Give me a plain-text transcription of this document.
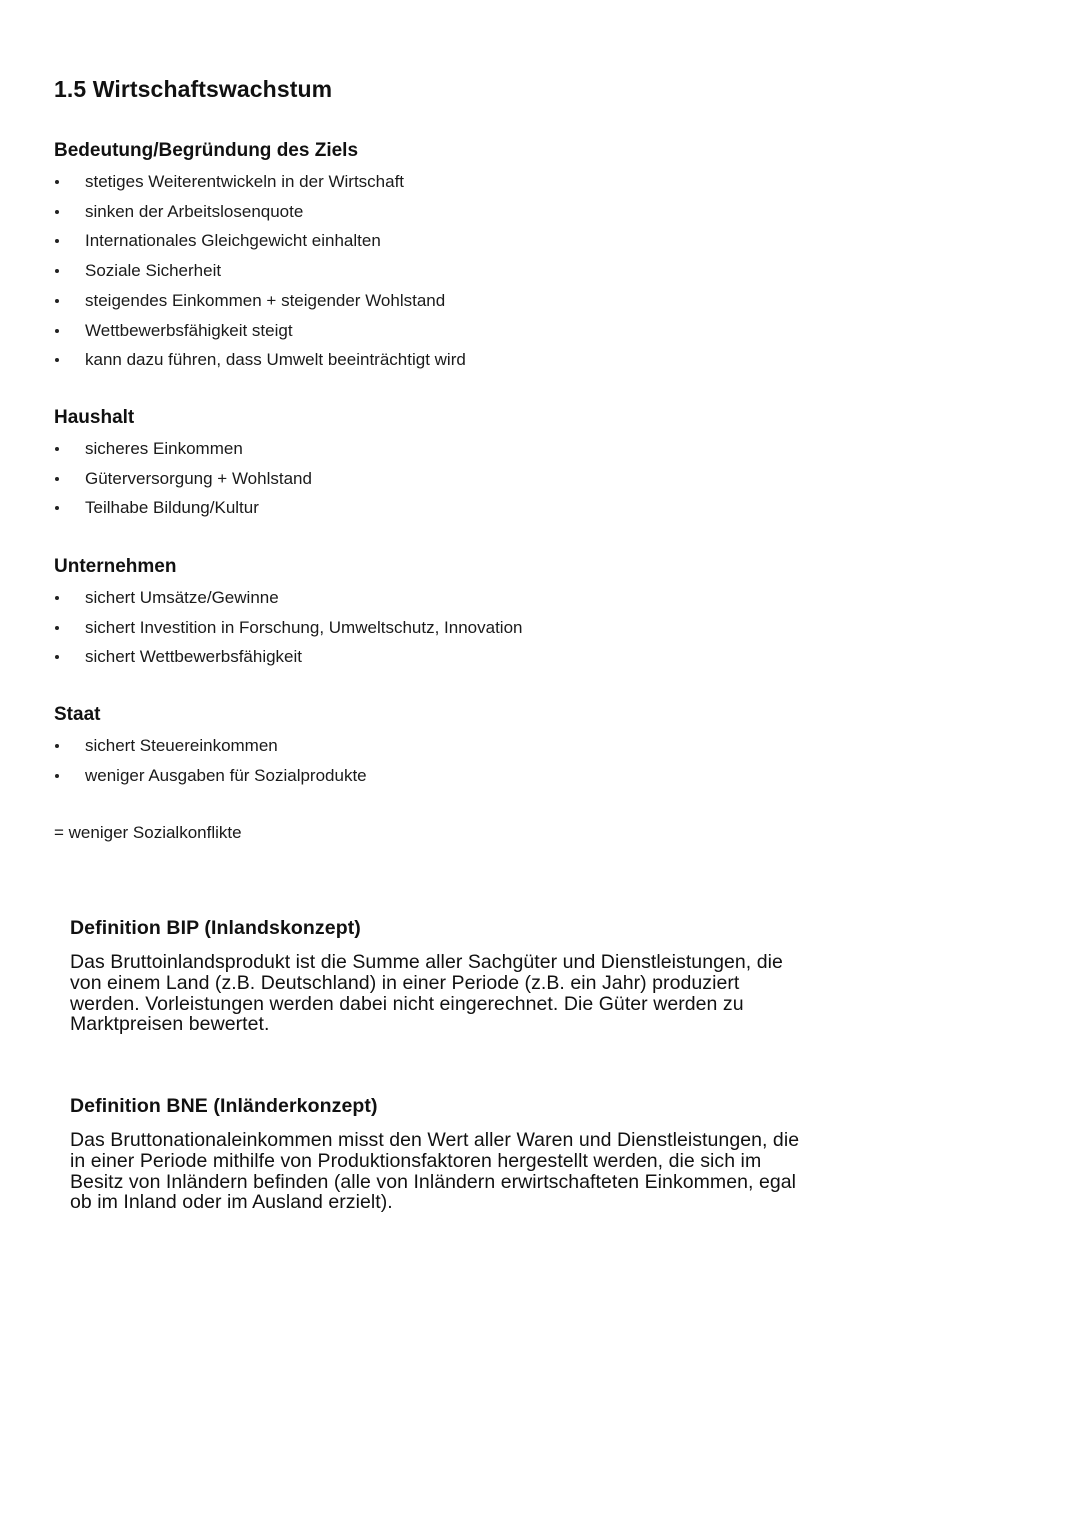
1.5 Wirtschaftswachstum
Bedeutung/Begründung des Ziels
stetiges Weiterentwickeln in der Wirtschaft
sinken der Arbeitslosenquote
Internationales Gleichgewicht einhalten
Soziale Sicherheit
steigendes Einkommen + steigender Wohlstand
Wettbewerbsfähigkeit steigt
kann dazu führen, dass Umwelt beeinträchtigt wird
Haushalt
sicheres Einkommen
Güterversorgung + Wohlstand
Teilhabe Bildung/Kultur
Unternehmen
sichert Umsätze/Gewinne
sichert Investition in Forschung, Umweltschutz, Innovation
sichert Wettbewerbsfähigkeit
Staat
sichert Steuereinkommen
weniger Ausgaben für Sozialprodukte

= weniger Sozialkonflikte

Definition BIP (Inlandskonzept)

Das Bruttoinlandsprodukt ist die Summe aller Sachgüter und Dienstleistungen, die
von einem Land (z.B. Deutschland) in einer Periode (z.B. ein Jahr) produziert
werden. Vorleistungen werden dabei nicht eingerechnet. Die Güter werden zu
Marktpreisen bewertet.

Definition BNE (Inländerkonzept)

Das Bruttonationaleinkommen misst den Wert aller Waren und Dienstleistungen, die
in einer Periode mithilfe von Produktionsfaktoren hergestellt werden, die sich im
Besitz von Inländern befinden (alle von Inländern erwirtschafteten Einkommen, egal
ob im Inland oder im Ausland erzielt).
